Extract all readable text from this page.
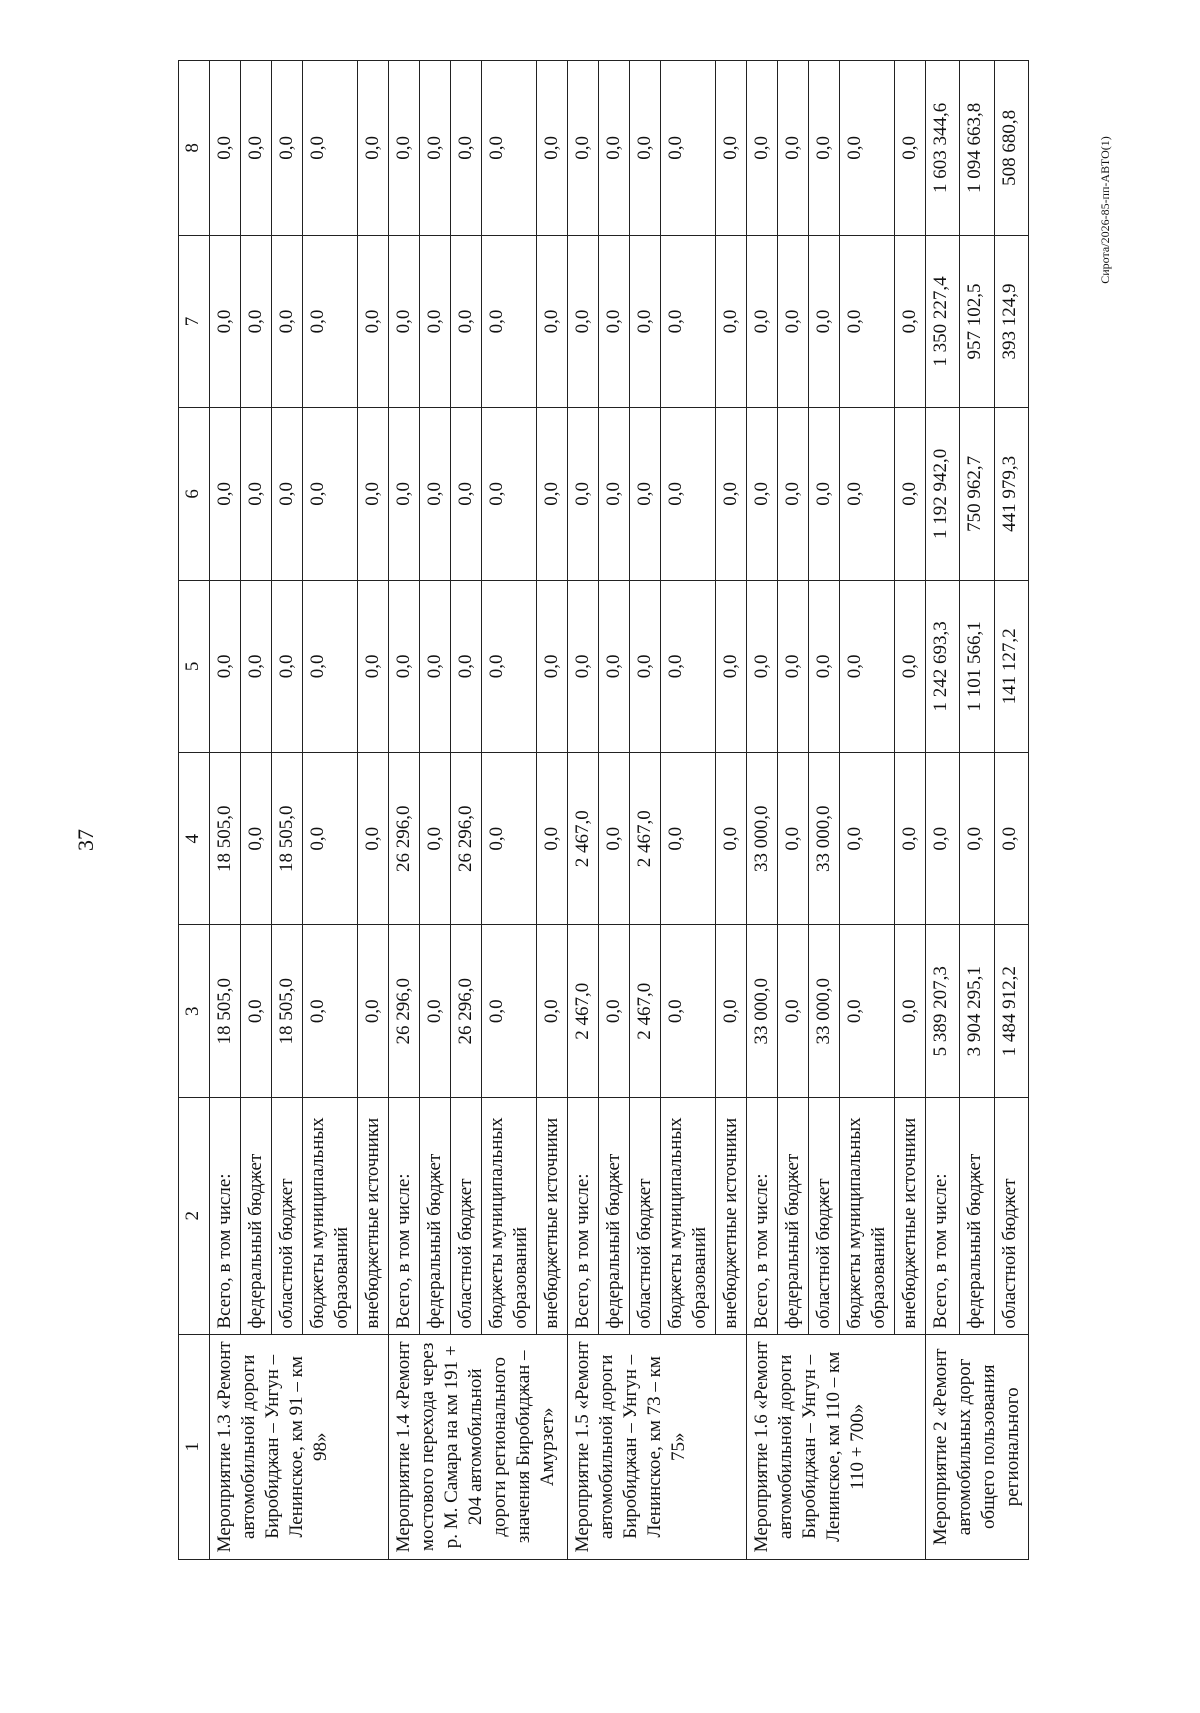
37
1	2	3	4	5	6	7	8
Мероприятие 1.3 «Ремонт автомобильной дороги Биробиджан – Унгун – Ленинское, км 91 – км 98»	Всего, в том числе:	18 505,0	18 505,0	0,0	0,0	0,0	0,0
	федеральный бюджет	0,0	0,0	0,0	0,0	0,0	0,0
	областной бюджет	18 505,0	18 505,0	0,0	0,0	0,0	0,0
	бюджеты муниципальных образований	0,0	0,0	0,0	0,0	0,0	0,0
	внебюджетные источники	0,0	0,0	0,0	0,0	0,0	0,0
Мероприятие 1.4 «Ремонт мостового перехода через р. М. Самара на км 191 + 204 автомобильной дороги регионального значения Биробиджан – Амурзет»	Всего, в том числе:	26 296,0	26 296,0	0,0	0,0	0,0	0,0
	федеральный бюджет	0,0	0,0	0,0	0,0	0,0	0,0
	областной бюджет	26 296,0	26 296,0	0,0	0,0	0,0	0,0
	бюджеты муниципальных образований	0,0	0,0	0,0	0,0	0,0	0,0
	внебюджетные источники	0,0	0,0	0,0	0,0	0,0	0,0
Мероприятие 1.5 «Ремонт автомобильной дороги Биробиджан – Унгун – Ленинское, км 73 – км 75»	Всего, в том числе:	2 467,0	2 467,0	0,0	0,0	0,0	0,0
	федеральный бюджет	0,0	0,0	0,0	0,0	0,0	0,0
	областной бюджет	2 467,0	2 467,0	0,0	0,0	0,0	0,0
	бюджеты муниципальных образований	0,0	0,0	0,0	0,0	0,0	0,0
	внебюджетные источники	0,0	0,0	0,0	0,0	0,0	0,0
Мероприятие 1.6 «Ремонт автомобильной дороги Биробиджан – Унгун – Ленинское, км 110 – км 110 + 700»	Всего, в том числе:	33 000,0	33 000,0	0,0	0,0	0,0	0,0
	федеральный бюджет	0,0	0,0	0,0	0,0	0,0	0,0
	областной бюджет	33 000,0	33 000,0	0,0	0,0	0,0	0,0
	бюджеты муниципальных образований	0,0	0,0	0,0	0,0	0,0	0,0
	внебюджетные источники	0,0	0,0	0,0	0,0	0,0	0,0
Мероприятие 2 «Ремонт автомобильных дорог общего пользования регионального	Всего, в том числе:	5 389 207,3	0,0	1 242 693,3	1 192 942,0	1 350 227,4	1 603 344,6
	федеральный бюджет	3 904 295,1	0,0	1 101 566,1	750 962,7	957 102,5	1 094 663,8
	областной бюджет	1 484 912,2	0,0	141 127,2	441 979,3	393 124,9	508 680,8	Сирота/2026-85-пп-АВТО(1)
